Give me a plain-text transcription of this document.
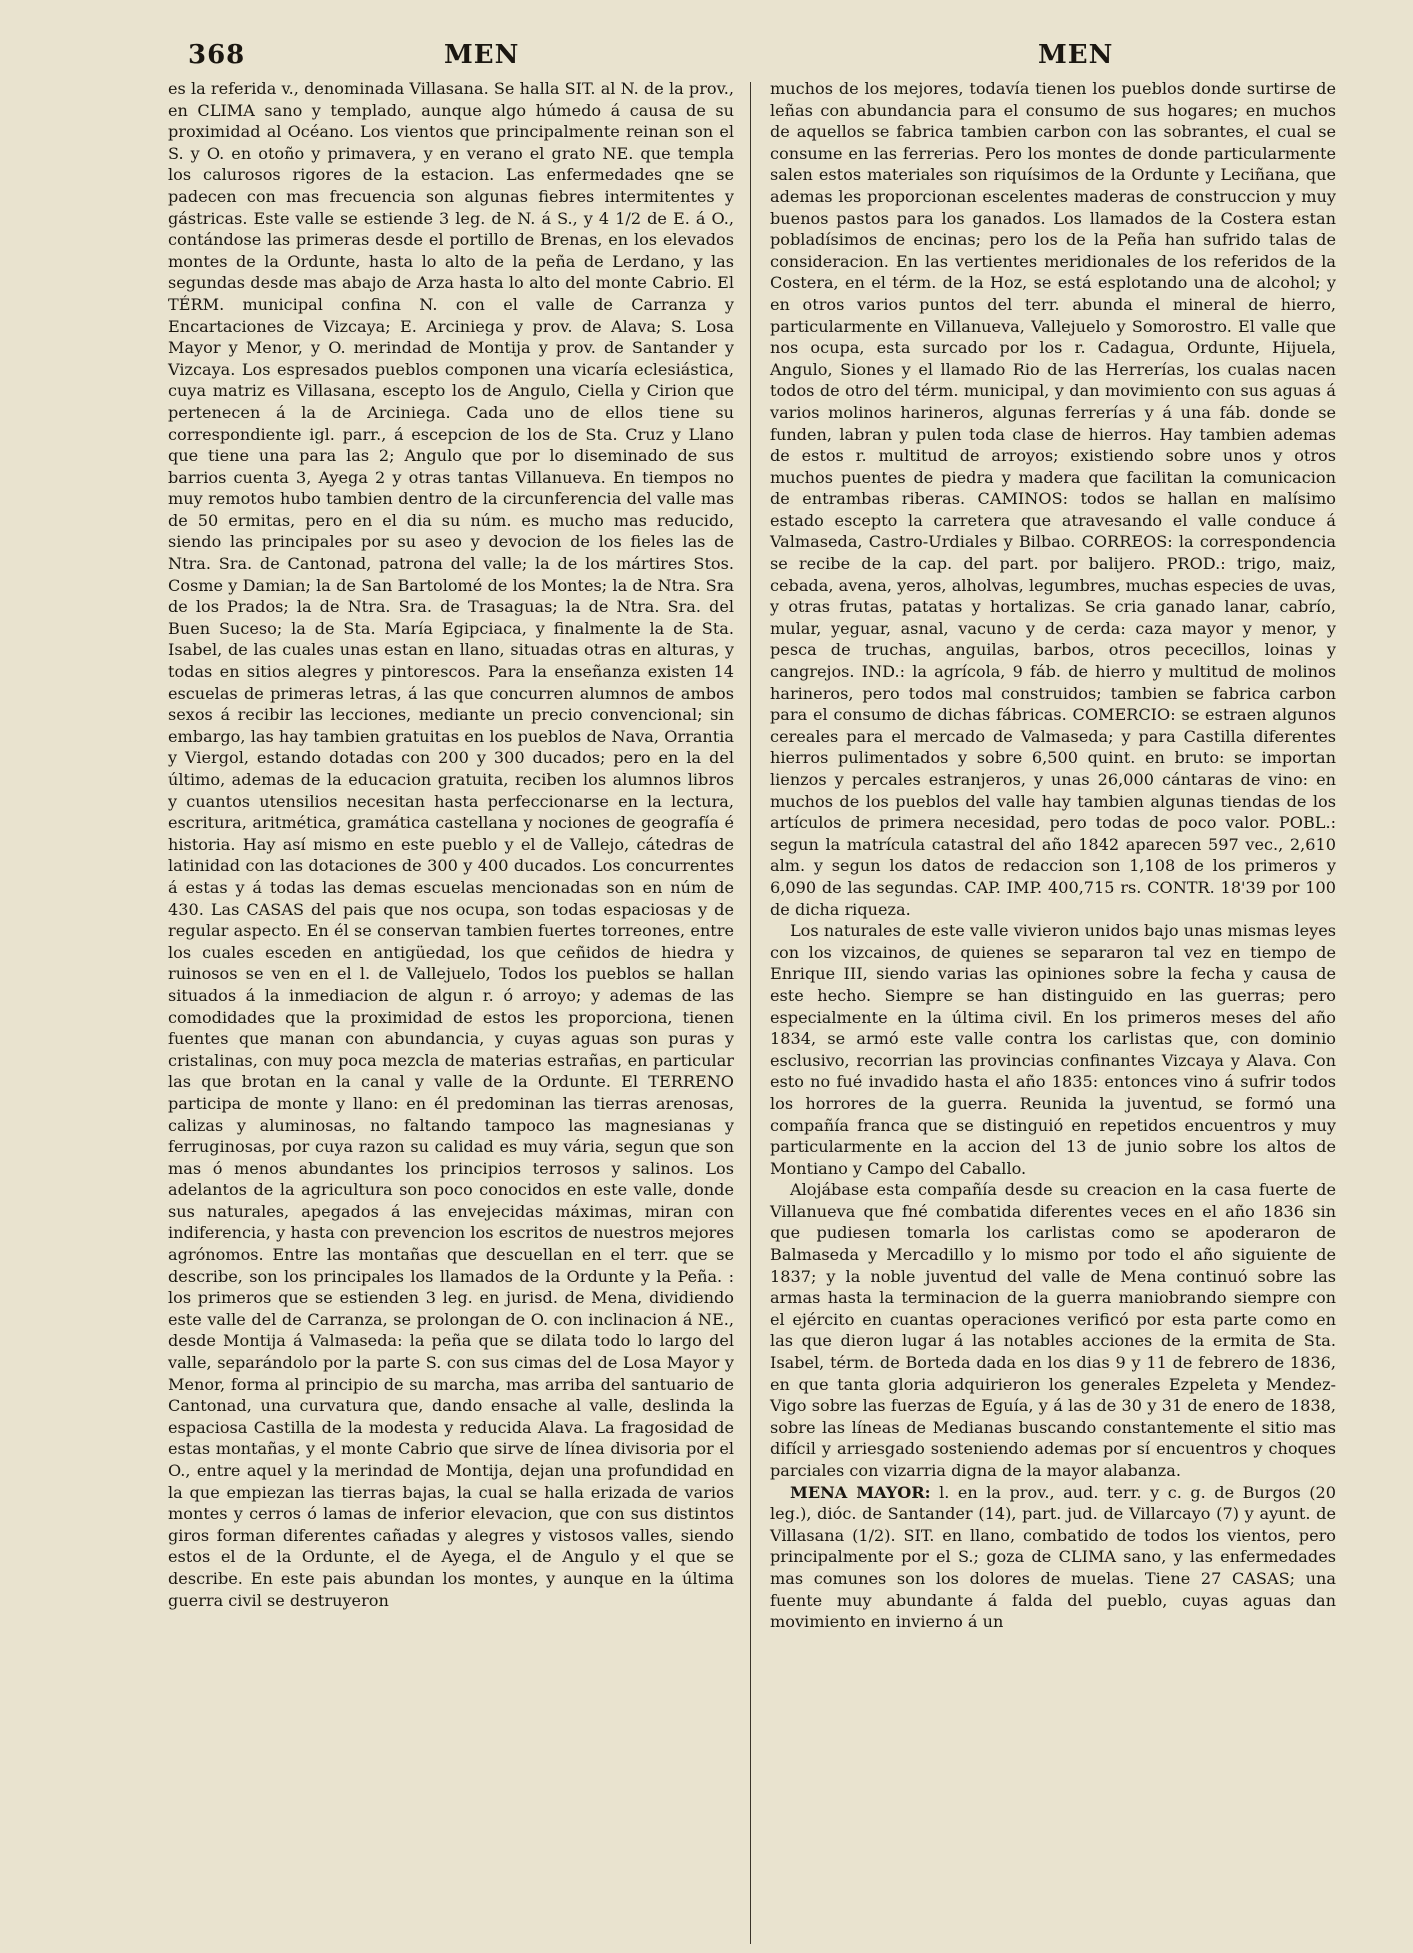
368	MEN	MEN

es la referida v., denominada Villasana. Se halla SIT. al N. de la prov., en CLIMA sano y templado, aunque algo húmedo á causa de su proximidad al Océano. Los vientos que principalmente reinan son el S. y O. en otoño y primavera, y en verano el grato NE. que templa los calurosos rigores de la estacion. Las enfermedades qne se padecen con mas frecuencia son algunas fiebres intermitentes y gástricas. Este valle se estiende 3 leg. de N. á S., y 4 1/2 de E. á O., contándose las primeras desde el portillo de Brenas, en los elevados montes de la Ordunte, hasta lo alto de la peña de Lerdano, y las segundas desde mas abajo de Arza hasta lo alto del monte Cabrio. El TÉRM. municipal confina N. con el valle de Carranza y Encartaciones de Vizcaya; E. Arciniega y prov. de Alava; S. Losa Mayor y Menor, y O. merindad de Montija y prov. de Santander y Vizcaya. Los espresados pueblos componen una vicaría eclesiástica, cuya matriz es Villasana, escepto los de Angulo, Ciella y Cirion que pertenecen á la de Arciniega. Cada uno de ellos tiene su correspondiente igl. parr., á escepcion de los de Sta. Cruz y Llano que tiene una para las 2; Angulo que por lo diseminado de sus barrios cuenta 3, Ayega 2 y otras tantas Villanueva. En tiempos no muy remotos hubo tambien dentro de la circunferencia del valle mas de 50 ermitas, pero en el dia su núm. es mucho mas reducido, siendo las principales por su aseo y devocion de los fieles las de Ntra. Sra. de Cantonad, patrona del valle; la de los mártires Stos. Cosme y Damian; la de San Bartolomé de los Montes; la de Ntra. Sra de los Prados; la de Ntra. Sra. de Trasaguas; la de Ntra. Sra. del Buen Suceso; la de Sta. María Egipciaca, y finalmente la de Sta. Isabel, de las cuales unas estan en llano, situadas otras en alturas, y todas en sitios alegres y pintorescos. Para la enseñanza existen 14 escuelas de primeras letras, á las que concurren alumnos de ambos sexos á recibir las lecciones, mediante un precio convencional; sin embargo, las hay tambien gratuitas en los pueblos de Nava, Orrantia y Viergol, estando dotadas con 200 y 300 ducados; pero en la del último, ademas de la educacion gratuita, reciben los alumnos libros y cuantos utensilios necesitan hasta perfeccionarse en la lectura, escritura, aritmética, gramática castellana y nociones de geografía é historia. Hay así mismo en este pueblo y el de Vallejo, cátedras de latinidad con las dotaciones de 300 y 400 ducados. Los concurrentes á estas y á todas las demas escuelas mencionadas son en núm de 430. Las CASAS del pais que nos ocupa, son todas espaciosas y de regular aspecto. En él se conservan tambien fuertes torreones, entre los cuales esceden en antigüedad, los que ceñidos de hiedra y ruinosos se ven en el l. de Vallejuelo, Todos los pueblos se hallan situados á la inmediacion de algun r. ó arroyo; y ademas de las comodidades que la proximidad de estos les proporciona, tienen fuentes que manan con abundancia, y cuyas aguas son puras y cristalinas, con muy poca mezcla de materias estrañas, en particular las que brotan en la canal y valle de la Ordunte. El TERRENO participa de monte y llano: en él predominan las tierras arenosas, calizas y aluminosas, no faltando tampoco las magnesianas y ferruginosas, por cuya razon su calidad es muy vária, segun que son mas ó menos abundantes los principios terrosos y salinos. Los adelantos de la agricultura son poco conocidos en este valle, donde sus naturales, apegados á las envejecidas máximas, miran con indiferencia, y hasta con prevencion los escritos de nuestros mejores agrónomos. Entre las montañas que descuellan en el terr. que se describe, son los principales los llamados de la Ordunte y la Peña. : los primeros que se estienden 3 leg. en jurisd. de Mena, dividiendo este valle del de Carranza, se prolongan de O. con inclinacion á NE., desde Montija á Valmaseda: la peña que se dilata todo lo largo del valle, separándolo por la parte S. con sus cimas del de Losa Mayor y Menor, forma al principio de su marcha, mas arriba del santuario de Cantonad, una curvatura que, dando ensache al valle, deslinda la espaciosa Castilla de la modesta y reducida Alava. La fragosidad de estas montañas, y el monte Cabrio que sirve de línea divisoria por el O., entre aquel y la merindad de Montija, dejan una profundidad en la que empiezan las tierras bajas, la cual se halla erizada de varios montes y cerros ó lamas de inferior elevacion, que con sus distintos giros forman diferentes cañadas y alegres y vistosos valles, siendo estos el de la Ordunte, el de Ayega, el de Angulo y el que se describe. En este pais abundan los montes, y aunque en la última guerra civil se destruyeron

muchos de los mejores, todavía tienen los pueblos donde surtirse de leñas con abundancia para el consumo de sus hogares; en muchos de aquellos se fabrica tambien carbon con las sobrantes, el cual se consume en las ferrerias. Pero los montes de donde particularmente salen estos materiales son riquísimos de la Ordunte y Leciñana, que ademas les proporcionan escelentes maderas de construccion y muy buenos pastos para los ganados. Los llamados de la Costera estan pobladísimos de encinas; pero los de la Peña han sufrido talas de consideracion. En las vertientes meridionales de los referidos de la Costera, en el térm. de la Hoz, se está esplotando una de alcohol; y en otros varios puntos del terr. abunda el mineral de hierro, particularmente en Villanueva, Vallejuelo y Somorostro. El valle que nos ocupa, esta surcado por los r. Cadagua, Ordunte, Hijuela, Angulo, Siones y el llamado Rio de las Herrerías, los cualas nacen todos de otro del térm. municipal, y dan movimiento con sus aguas á varios molinos harineros, algunas ferrerías y á una fáb. donde se funden, labran y pulen toda clase de hierros. Hay tambien ademas de estos r. multitud de arroyos; existiendo sobre unos y otros muchos puentes de piedra y madera que facilitan la comunicacion de entrambas riberas. CAMINOS: todos se hallan en malísimo estado escepto la carretera que atravesando el valle conduce á Valmaseda, Castro-Urdiales y Bilbao. CORREOS: la correspondencia se recibe de la cap. del part. por balijero. PROD.: trigo, maiz, cebada, avena, yeros, alholvas, legumbres, muchas especies de uvas, y otras frutas, patatas y hortalizas. Se cria ganado lanar, cabrío, mular, yeguar, asnal, vacuno y de cerda: caza mayor y menor, y pesca de truchas, anguilas, barbos, otros pececillos, loinas y cangrejos. IND.: la agrícola, 9 fáb. de hierro y multitud de molinos harineros, pero todos mal construidos; tambien se fabrica carbon para el consumo de dichas fábricas. COMERCIO: se estraen algunos cereales para el mercado de Valmaseda; y para Castilla diferentes hierros pulimentados y sobre 6,500 quint. en bruto: se importan lienzos y percales estranjeros, y unas 26,000 cántaras de vino: en muchos de los pueblos del valle hay tambien algunas tiendas de los artículos de primera necesidad, pero todas de poco valor. POBL.: segun la matrícula catastral del año 1842 aparecen 597 vec., 2,610 alm. y segun los datos de redaccion son 1,108 de los primeros y 6,090 de las segundas. CAP. IMP. 400,715 rs. CONTR. 18'39 por 100 de dicha riqueza.

Los naturales de este valle vivieron unidos bajo unas mismas leyes con los vizcainos, de quienes se separaron tal vez en tiempo de Enrique III, siendo varias las opiniones sobre la fecha y causa de este hecho. Siempre se han distinguido en las guerras; pero especialmente en la última civil. En los primeros meses del año 1834, se armó este valle contra los carlistas que, con dominio esclusivo, recorrian las provincias confinantes Vizcaya y Alava. Con esto no fué invadido hasta el año 1835: entonces vino á sufrir todos los horrores de la guerra. Reunida la juventud, se formó una compañía franca que se distinguió en repetidos encuentros y muy particularmente en la accion del 13 de junio sobre los altos de Montiano y Campo del Caballo.

Alojábase esta compañía desde su creacion en la casa fuerte de Villanueva que fné combatida diferentes veces en el año 1836 sin que pudiesen tomarla los carlistas como se apoderaron de Balmaseda y Mercadillo y lo mismo por todo el año siguiente de 1837; y la noble juventud del valle de Mena continuó sobre las armas hasta la terminacion de la guerra maniobrando siempre con el ejército en cuantas operaciones verificó por esta parte como en las que dieron lugar á las notables acciones de la ermita de Sta. Isabel, térm. de Borteda dada en los dias 9 y 11 de febrero de 1836, en que tanta gloria adquirieron los generales Ezpeleta y Mendez-Vigo sobre las fuerzas de Eguía, y á las de 30 y 31 de enero de 1838, sobre las líneas de Medianas buscando constantemente el sitio mas difícil y arriesgado sosteniendo ademas por sí encuentros y choques parciales con vizarria digna de la mayor alabanza.

MENA MAYOR: l. en la prov., aud. terr. y c. g. de Burgos (20 leg.), dióc. de Santander (14), part. jud. de Villarcayo (7) y ayunt. de Villasana (1/2). SIT. en llano, combatido de todos los vientos, pero principalmente por el S.; goza de CLIMA sano, y las enfermedades mas comunes son los dolores de muelas. Tiene 27 CASAS; una fuente muy abundante á falda del pueblo, cuyas aguas dan movimiento en invierno á un
